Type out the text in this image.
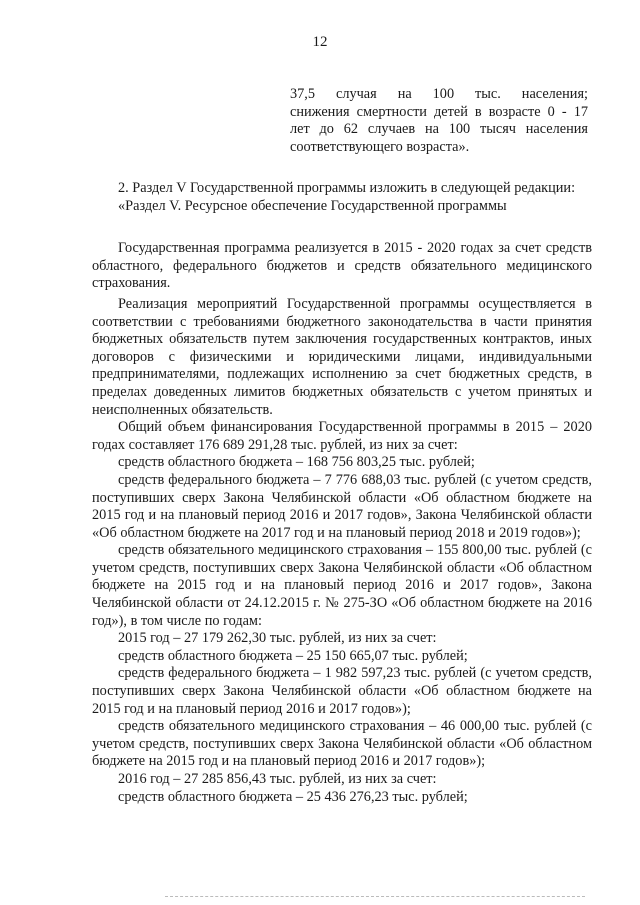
12
37,5 случая на 100 тыс. населения;
снижения смертности детей в возрасте 0 - 17
лет до 62 случаев на 100 тысяч населения
соответствующего возраста».

2. Раздел V Государственной программы изложить в следующей редакции:

«Раздел V. Ресурсное обеспечение Государственной программы

Государственная программа реализуется в 2015 - 2020 годах за счет средств областного, федерального бюджетов и средств обязательного медицинского страхования.

Реализация мероприятий Государственной программы осуществляется в соответствии с требованиями бюджетного законодательства в части принятия бюджетных обязательств путем заключения государственных контрактов, иных договоров с физическими и юридическими лицами, индивидуальными предпринимателями, подлежащих исполнению за счет бюджетных средств, в пределах доведенных лимитов бюджетных обязательств с учетом принятых и неисполненных обязательств.

Общий объем финансирования Государственной программы в 2015 – 2020 годах составляет 176 689 291,28 тыс. рублей, из них за счет:

средств областного бюджета – 168 756 803,25 тыс. рублей;

средств федерального бюджета – 7 776 688,03 тыс. рублей (с учетом средств, поступивших сверх Закона Челябинской области «Об областном бюджете на 2015 год и на плановый период 2016 и 2017 годов», Закона Челябинской области «Об областном бюджете на 2017 год и на плановый период 2018 и 2019 годов»);

средств обязательного медицинского страхования – 155 800,00 тыс. рублей (с учетом средств, поступивших сверх Закона Челябинской области «Об областном бюджете на 2015 год и на плановый период 2016 и 2017 годов», Закона Челябинской области от 24.12.2015 г. № 275-ЗО «Об областном бюджете на 2016 год»), в том числе по годам:

2015 год – 27 179 262,30 тыс. рублей, из них за счет:

средств областного бюджета – 25 150 665,07 тыс. рублей;

средств федерального бюджета – 1 982 597,23 тыс. рублей (с учетом средств, поступивших сверх Закона Челябинской области «Об областном бюджете на 2015 год и на плановый период 2016 и 2017 годов»);

средств обязательного медицинского страхования – 46 000,00 тыс. рублей (с учетом средств, поступивших сверх Закона Челябинской области «Об областном бюджете на 2015 год и на плановый период 2016 и 2017 годов»);

2016 год – 27 285 856,43 тыс. рублей, из них за счет:

средств областного бюджета – 25 436 276,23 тыс. рублей;
